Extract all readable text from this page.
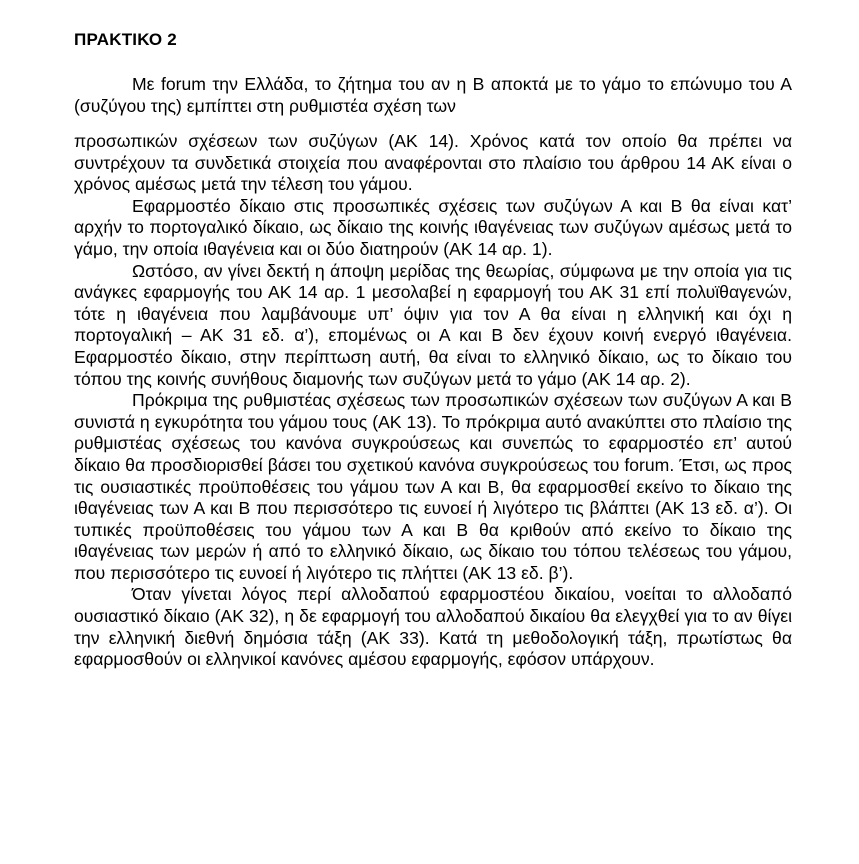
ΠΡΑΚΤΙΚΟ 2

Με forum την Ελλάδα, το ζήτημα του αν η Β αποκτά με το γάμο το επώνυμο του Α (συζύγου της) εμπίπτει στη ρυθμιστέα σχέση των

προσωπικών σχέσεων των συζύγων (ΑΚ 14). Χρόνος κατά τον οποίο θα πρέπει να συντρέχουν τα συνδετικά στοιχεία που αναφέρονται στο πλαίσιο του άρθρου 14 ΑΚ είναι ο χρόνος αμέσως μετά την τέλεση του γάμου.

Εφαρμοστέο δίκαιο στις προσωπικές σχέσεις των συζύγων Α και Β θα είναι κατ’ αρχήν το πορτογαλικό δίκαιο, ως δίκαιο της κοινής ιθαγένειας των συζύγων αμέσως μετά το γάμο, την οποία ιθαγένεια και οι δύο διατηρούν (ΑΚ 14 αρ. 1).

Ωστόσο, αν γίνει δεκτή η άποψη μερίδας της θεωρίας, σύμφωνα με την οποία για τις ανάγκες εφαρμογής του ΑΚ 14 αρ. 1 μεσολαβεί η εφαρμογή του ΑΚ 31 επί πολυϊθαγενών, τότε η ιθαγένεια που λαμβάνουμε υπ’ όψιν για τον Α θα είναι η ελληνική και όχι η πορτογαλική – ΑΚ 31 εδ. α’), επομένως οι Α και Β δεν έχουν κοινή ενεργό ιθαγένεια. Εφαρμοστέο δίκαιο, στην περίπτωση αυτή, θα είναι το ελληνικό δίκαιο, ως το δίκαιο του τόπου της κοινής συνήθους διαμονής των συζύγων μετά το γάμο (ΑΚ 14 αρ. 2).

Πρόκριμα της ρυθμιστέας σχέσεως των προσωπικών σχέσεων των συζύγων Α και Β συνιστά η εγκυρότητα του γάμου τους (ΑΚ 13). Το πρόκριμα αυτό ανακύπτει στο πλαίσιο της ρυθμιστέας σχέσεως του κανόνα συγκρούσεως και συνεπώς το εφαρμοστέο επ’ αυτού δίκαιο θα προσδιορισθεί βάσει του σχετικού κανόνα συγκρούσεως του forum. Έτσι, ως προς τις ουσιαστικές προϋποθέσεις του γάμου των Α και Β, θα εφαρμοσθεί εκείνο το δίκαιο της ιθαγένειας των Α και Β που περισσότερο τις ευνοεί ή λιγότερο τις βλάπτει (ΑΚ 13 εδ. α’). Οι τυπικές προϋποθέσεις του γάμου των Α και Β θα κριθούν από εκείνο το δίκαιο της ιθαγένειας των μερών ή από το ελληνικό δίκαιο, ως δίκαιο του τόπου τελέσεως του γάμου, που περισσότερο τις ευνοεί ή λιγότερο τις πλήττει (ΑΚ 13 εδ. β’).

Όταν γίνεται λόγος περί αλλοδαπού εφαρμοστέου δικαίου, νοείται το αλλοδαπό ουσιαστικό δίκαιο (ΑΚ 32), η δε εφαρμογή του αλλοδαπού δικαίου θα ελεγχθεί για το αν θίγει την ελληνική διεθνή δημόσια τάξη (ΑΚ 33). Κατά τη μεθοδολογική τάξη, πρωτίστως θα εφαρμοσθούν οι ελληνικοί κανόνες αμέσου εφαρμογής, εφόσον υπάρχουν.
